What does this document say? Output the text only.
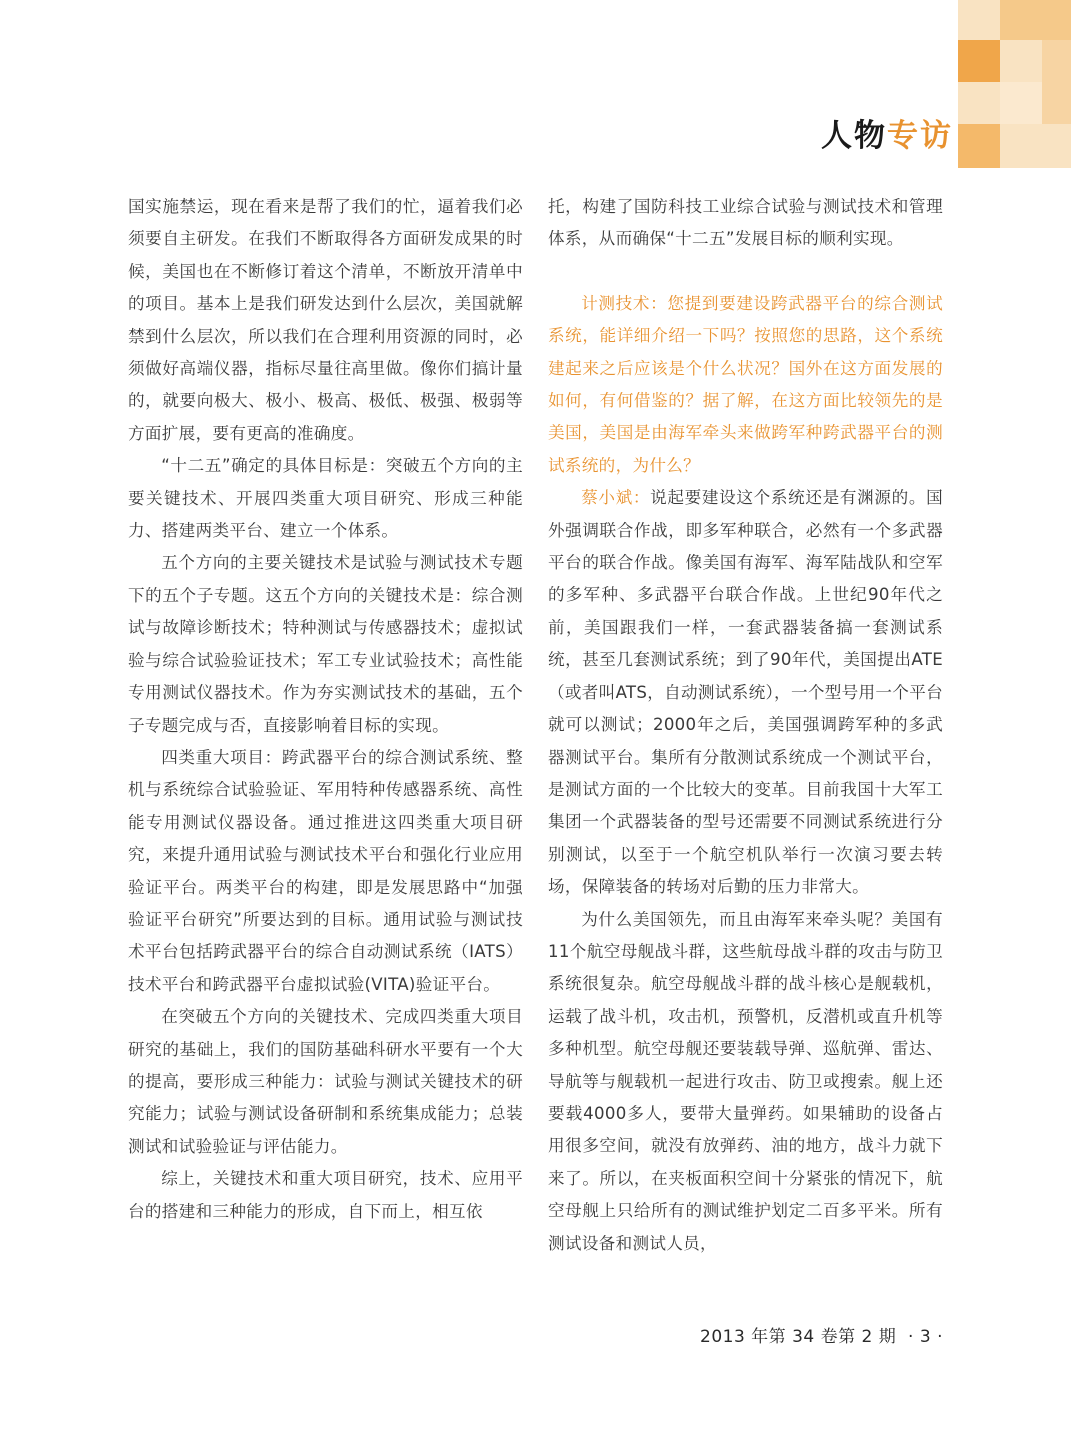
人物专访

国实施禁运，现在看来是帮了我们的忙，逼着我们必须要自主研发。在我们不断取得各方面研发成果的时候，美国也在不断修订着这个清单，不断放开清单中的项目。基本上是我们研发达到什么层次，美国就解禁到什么层次，所以我们在合理利用资源的同时，必须做好高端仪器，指标尽量往高里做。像你们搞计量的，就要向极大、极小、极高、极低、极强、极弱等方面扩展，要有更高的准确度。

“十二五”确定的具体目标是：突破五个方向的主要关键技术、开展四类重大项目研究、形成三种能力、搭建两类平台、建立一个体系。

五个方向的主要关键技术是试验与测试技术专题下的五个子专题。这五个方向的关键技术是：综合测试与故障诊断技术；特种测试与传感器技术；虚拟试验与综合试验验证技术；军工专业试验技术；高性能专用测试仪器技术。作为夯实测试技术的基础，五个子专题完成与否，直接影响着目标的实现。

四类重大项目：跨武器平台的综合测试系统、整机与系统综合试验验证、军用特种传感器系统、高性能专用测试仪器设备。通过推进这四类重大项目研究，来提升通用试验与测试技术平台和强化行业应用验证平台。两类平台的构建，即是发展思路中“加强验证平台研究”所要达到的目标。通用试验与测试技术平台包括跨武器平台的综合自动测试系统（IATS）技术平台和跨武器平台虚拟试验(VITA)验证平台。

在突破五个方向的关键技术、完成四类重大项目研究的基础上，我们的国防基础科研水平要有一个大的提高，要形成三种能力：试验与测试关键技术的研究能力；试验与测试设备研制和系统集成能力；总装测试和试验验证与评估能力。

综上，关键技术和重大项目研究，技术、应用平台的搭建和三种能力的形成，自下而上，相互依

托，构建了国防科技工业综合试验与测试技术和管理体系，从而确保“十二五”发展目标的顺利实现。

计测技术：您提到要建设跨武器平台的综合测试系统，能详细介绍一下吗？按照您的思路，这个系统建起来之后应该是个什么状况？国外在这方面发展的如何，有何借鉴的？据了解，在这方面比较领先的是美国，美国是由海军牵头来做跨军种跨武器平台的测试系统的，为什么？

蔡小斌：说起要建设这个系统还是有渊源的。国外强调联合作战，即多军种联合，必然有一个多武器平台的联合作战。像美国有海军、海军陆战队和空军的多军种、多武器平台联合作战。上世纪90年代之前，美国跟我们一样，一套武器装备搞一套测试系统，甚至几套测试系统；到了90年代，美国提出ATE（或者叫ATS，自动测试系统），一个型号用一个平台就可以测试；2000年之后，美国强调跨军种的多武器测试平台。集所有分散测试系统成一个测试平台，是测试方面的一个比较大的变革。目前我国十大军工集团一个武器装备的型号还需要不同测试系统进行分别测试，以至于一个航空机队举行一次演习要去转场，保障装备的转场对后勤的压力非常大。

为什么美国领先，而且由海军来牵头呢？美国有11个航空母舰战斗群，这些航母战斗群的攻击与防卫系统很复杂。航空母舰战斗群的战斗核心是舰载机，运载了战斗机，攻击机，预警机，反潜机或直升机等多种机型。航空母舰还要装载导弹、巡航弹、雷达、导航等与舰载机一起进行攻击、防卫或搜索。舰上还要载4000多人，要带大量弹药。如果辅助的设备占用很多空间，就没有放弹药、油的地方，战斗力就下来了。所以，在夹板面积空间十分紧张的情况下，航空母舰上只给所有的测试维护划定二百多平米。所有测试设备和测试人员，

2013 年第 34 卷第 2 期 · 3 ·
